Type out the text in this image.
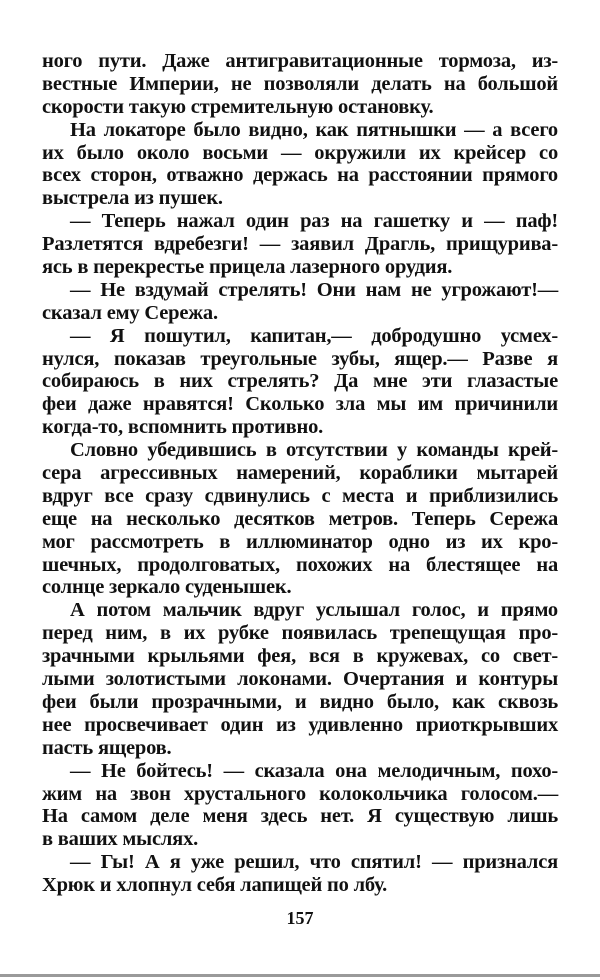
ного пути. Даже антигравитационные тормоза, из-
вестные Империи, не позволяли делать на большой
скорости такую стремительную остановку.
На локаторе было видно, как пятнышки — а всего
их было около восьми — окружили их крейсер со
всех сторон, отважно держась на расстоянии прямого
выстрела из пушек.
— Теперь нажал один раз на гашетку и — паф!
Разлетятся вдребезги! — заявил Драгль, прищурива-
ясь в перекрестье прицела лазерного орудия.
— Не вздумай стрелять! Они нам не угрожают!—
сказал ему Сережа.
— Я пошутил, капитан,— добродушно усмех-
нулся, показав треугольные зубы, ящер.— Разве я
собираюсь в них стрелять? Да мне эти глазастые
феи даже нравятся! Сколько зла мы им причинили
когда-то, вспомнить противно.
Словно убедившись в отсутствии у команды крей-
сера агрессивных намерений, кораблики мытарей
вдруг все сразу сдвинулись с места и приблизились
еще на несколько десятков метров. Теперь Сережа
мог рассмотреть в иллюминатор одно из их кро-
шечных, продолговатых, похожих на блестящее на
солнце зеркало суденышек.
А потом мальчик вдруг услышал голос, и прямо
перед ним, в их рубке появилась трепещущая про-
зрачными крыльями фея, вся в кружевах, со свет-
лыми золотистыми локонами. Очертания и контуры
феи были прозрачными, и видно было, как сквозь
нее просвечивает один из удивленно приоткрывших
пасть ящеров.
— Не бойтесь! — сказала она мелодичным, похо-
жим на звон хрустального колокольчика голосом.—
На самом деле меня здесь нет. Я существую лишь
в ваших мыслях.
— Гы! А я уже решил, что спятил! — признался
Хрюк и хлопнул себя лапищей по лбу.
157
